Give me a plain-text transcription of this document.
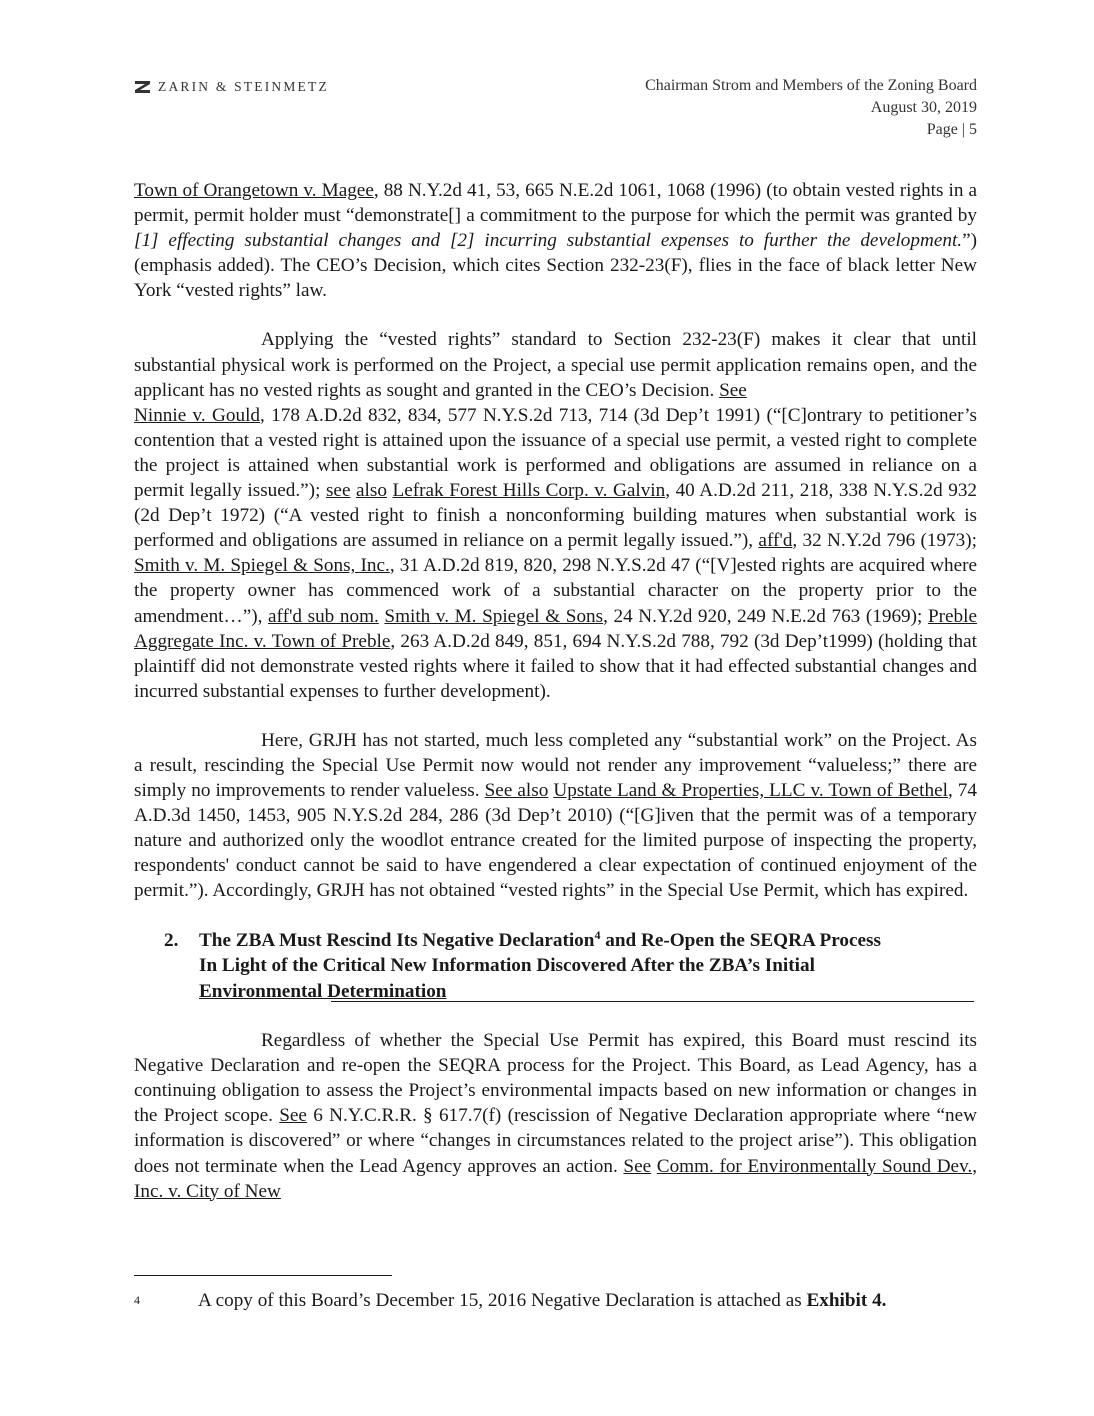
ZARIN & STEINMETZ	Chairman Strom and Members of the Zoning Board
August 30, 2019
Page | 5

Town of Orangetown v. Magee, 88 N.Y.2d 41, 53, 665 N.E.2d 1061, 1068 (1996) (to obtain vested rights in a permit, permit holder must “demonstrate[] a commitment to the purpose for which the permit was granted by [1] effecting substantial changes and [2] incurring substantial expenses to further the development.”) (emphasis added). The CEO’s Decision, which cites Section 232-23(F), flies in the face of black letter New York “vested rights” law.

Applying the “vested rights” standard to Section 232-23(F) makes it clear that until substantial physical work is performed on the Project, a special use permit application remains open, and the applicant has no vested rights as sought and granted in the CEO’s Decision. See
Ninnie v. Gould, 178 A.D.2d 832, 834, 577 N.Y.S.2d 713, 714 (3d Dep’t 1991) (“[C]ontrary to petitioner’s contention that a vested right is attained upon the issuance of a special use permit, a vested right to complete the project is attained when substantial work is performed and obligations are assumed in reliance on a permit legally issued.”); see also Lefrak Forest Hills Corp. v. Galvin, 40 A.D.2d 211, 218, 338 N.Y.S.2d 932 (2d Dep’t 1972) (“A vested right to finish a nonconforming building matures when substantial work is performed and obligations are assumed in reliance on a permit legally issued.”), aff'd, 32 N.Y.2d 796 (1973); Smith v. M. Spiegel & Sons, Inc., 31 A.D.2d 819, 820, 298 N.Y.S.2d 47 (“[V]ested rights are acquired where the property owner has commenced work of a substantial character on the property prior to the amendment…”), aff'd sub nom. Smith v. M. Spiegel & Sons, 24 N.Y.2d 920, 249 N.E.2d 763 (1969); Preble Aggregate Inc. v. Town of Preble, 263 A.D.2d 849, 851, 694 N.Y.S.2d 788, 792 (3d Dep’t1999) (holding that plaintiff did not demonstrate vested rights where it failed to show that it had effected substantial changes and incurred substantial expenses to further development).

Here, GRJH has not started, much less completed any “substantial work” on the Project. As a result, rescinding the Special Use Permit now would not render any improvement “valueless;” there are simply no improvements to render valueless. See also Upstate Land & Properties, LLC v. Town of Bethel, 74 A.D.3d 1450, 1453, 905 N.Y.S.2d 284, 286 (3d Dep’t 2010) (“[G]iven that the permit was of a temporary nature and authorized only the woodlot entrance created for the limited purpose of inspecting the property, respondents' conduct cannot be said to have engendered a clear expectation of continued enjoyment of the permit.”). Accordingly, GRJH has not obtained “vested rights” in the Special Use Permit, which has expired.

2. The ZBA Must Rescind Its Negative Declaration$^4$ and Re-Open the SEQRA Process
In Light of the Critical New Information Discovered After the ZBA’s Initial
Environmental Determination

Regardless of whether the Special Use Permit has expired, this Board must rescind its Negative Declaration and re-open the SEQRA process for the Project. This Board, as Lead Agency, has a continuing obligation to assess the Project’s environmental impacts based on new information or changes in the Project scope. See 6 N.Y.C.R.R. § 617.7(f) (rescission of Negative Declaration appropriate where “new information is discovered” or where “changes in circumstances related to the project arise”). This obligation does not terminate when the Lead Agency approves an action. See Comm. for Environmentally Sound Dev., Inc. v. City of New

4	A copy of this Board’s December 15, 2016 Negative Declaration is attached as Exhibit 4.
